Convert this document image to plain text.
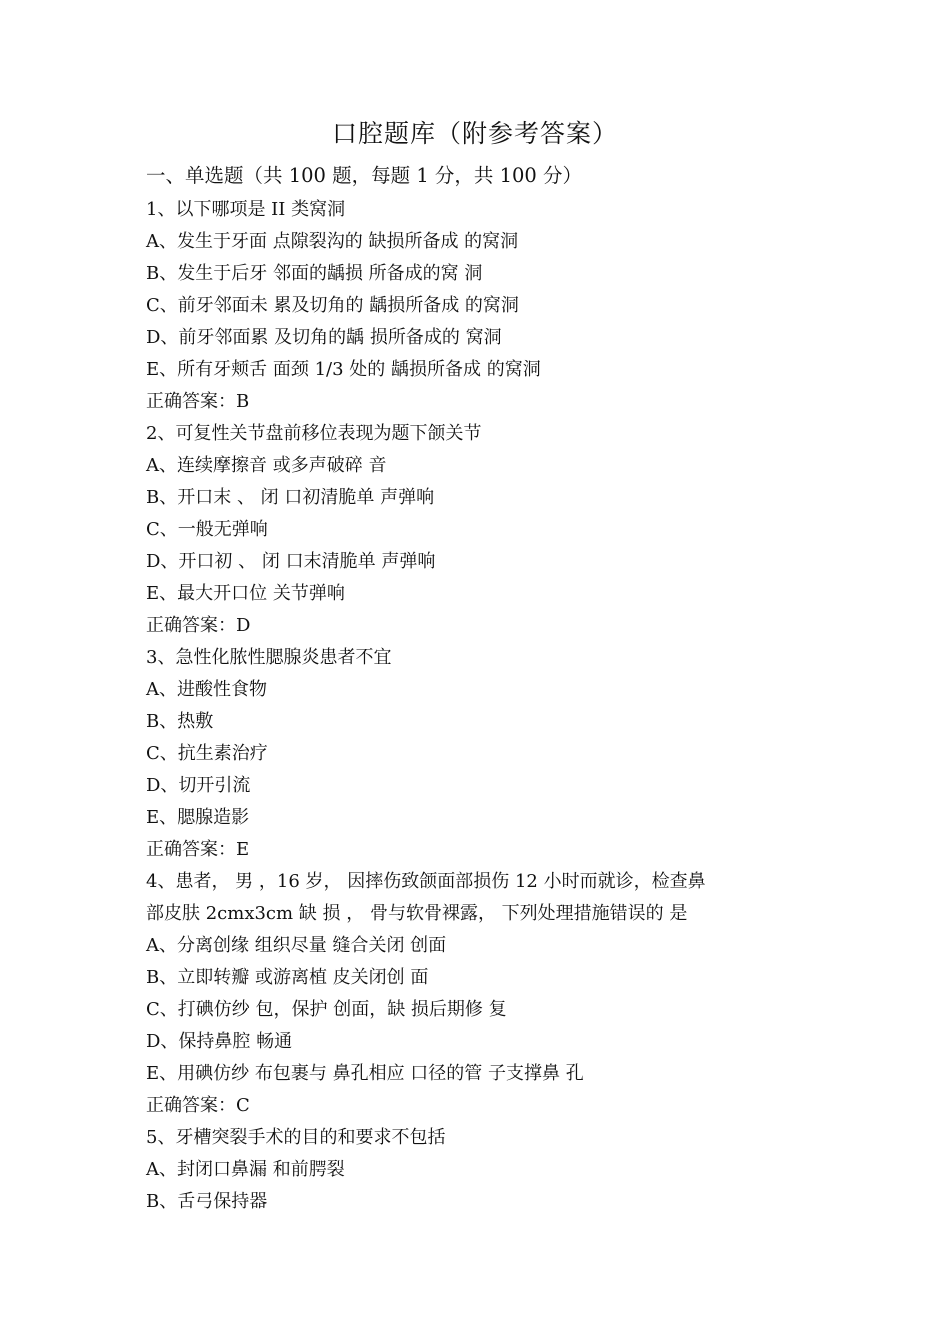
口腔题库（附参考答案）
一、单选题（共 100 题，每题 1 分，共 100 分）
1、以下哪项是 II 类窝洞
A、发生于牙面 点隙裂沟的 缺损所备成 的窝洞
B、发生于后牙 邻面的龋损 所备成的窝 洞
C、前牙邻面未 累及切角的 龋损所备成 的窝洞
D、前牙邻面累 及切角的龋 损所备成的 窝洞
E、所有牙颊舌 面颈 1/3 处的 龋损所备成 的窝洞
正确答案：B
2、可复性关节盘前移位表现为题下颌关节
A、连续摩擦音 或多声破碎 音
B、开口末 、 闭 口初清脆单 声弹响
C、一般无弹响
D、开口初 、 闭 口末清脆单 声弹响
E、最大开口位 关节弹响
正确答案：D
3、急性化脓性腮腺炎患者不宜
A、进酸性食物
B、热敷
C、抗生素治疗
D、切开引流
E、腮腺造影
正确答案：E
4、患者， 男 ，16 岁， 因摔伤致颌面部损伤 12 小时而就诊，检查鼻
部皮肤 2cmx3cm 缺 损 ， 骨与软骨裸露， 下列处理措施错误的 是
A、分离创缘 组织尽量 缝合关闭 创面
B、立即转瓣 或游离植 皮关闭创 面
C、打碘仿纱 包，保护 创面，缺 损后期修 复
D、保持鼻腔 畅通
E、用碘仿纱 布包裹与 鼻孔相应 口径的管 子支撑鼻 孔
正确答案：C
5、牙槽突裂手术的目的和要求不包括
A、封闭口鼻漏 和前腭裂
B、舌弓保持器
